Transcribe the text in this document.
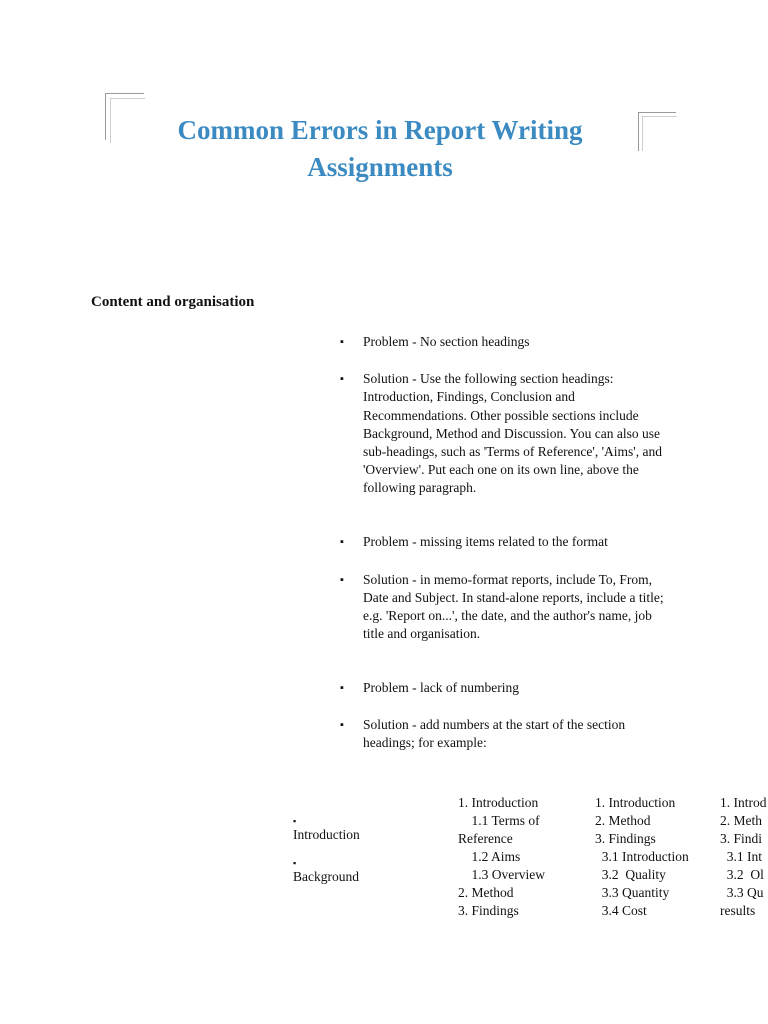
Common Errors in Report Writing
Assignments
Content and organisation
▪ Problem - No section headings
▪ Solution - Use the following section headings: Introduction, Findings, Conclusion and Recommendations. Other possible sections include Background, Method and Discussion. You can also use sub-headings, such as 'Terms of Reference', 'Aims', and 'Overview'. Put each one on its own line, above the following paragraph.
▪ Problem - missing items related to the format
▪ Solution - in memo-format reports, include To, From, Date and Subject. In stand-alone reports, include a title; e.g. 'Report on...', the date, and the author's name, job title and organisation.
▪ Problem - lack of numbering
▪ Solution - add numbers at the start of the section headings; for example:
▪
Introduction
▪
Background
1. Introduction
1.1 Terms of
Reference
1.2 Aims
1.3 Overview
2. Method
3. Findings
1. Introduction
2. Method
3. Findings
3.1 Introduction
3.2  Quality
3.3 Quantity
3.4 Cost
1. Introd
2. Meth
3. Findi
3.1 Int
3.2  Ol
3.3 Qu
results
